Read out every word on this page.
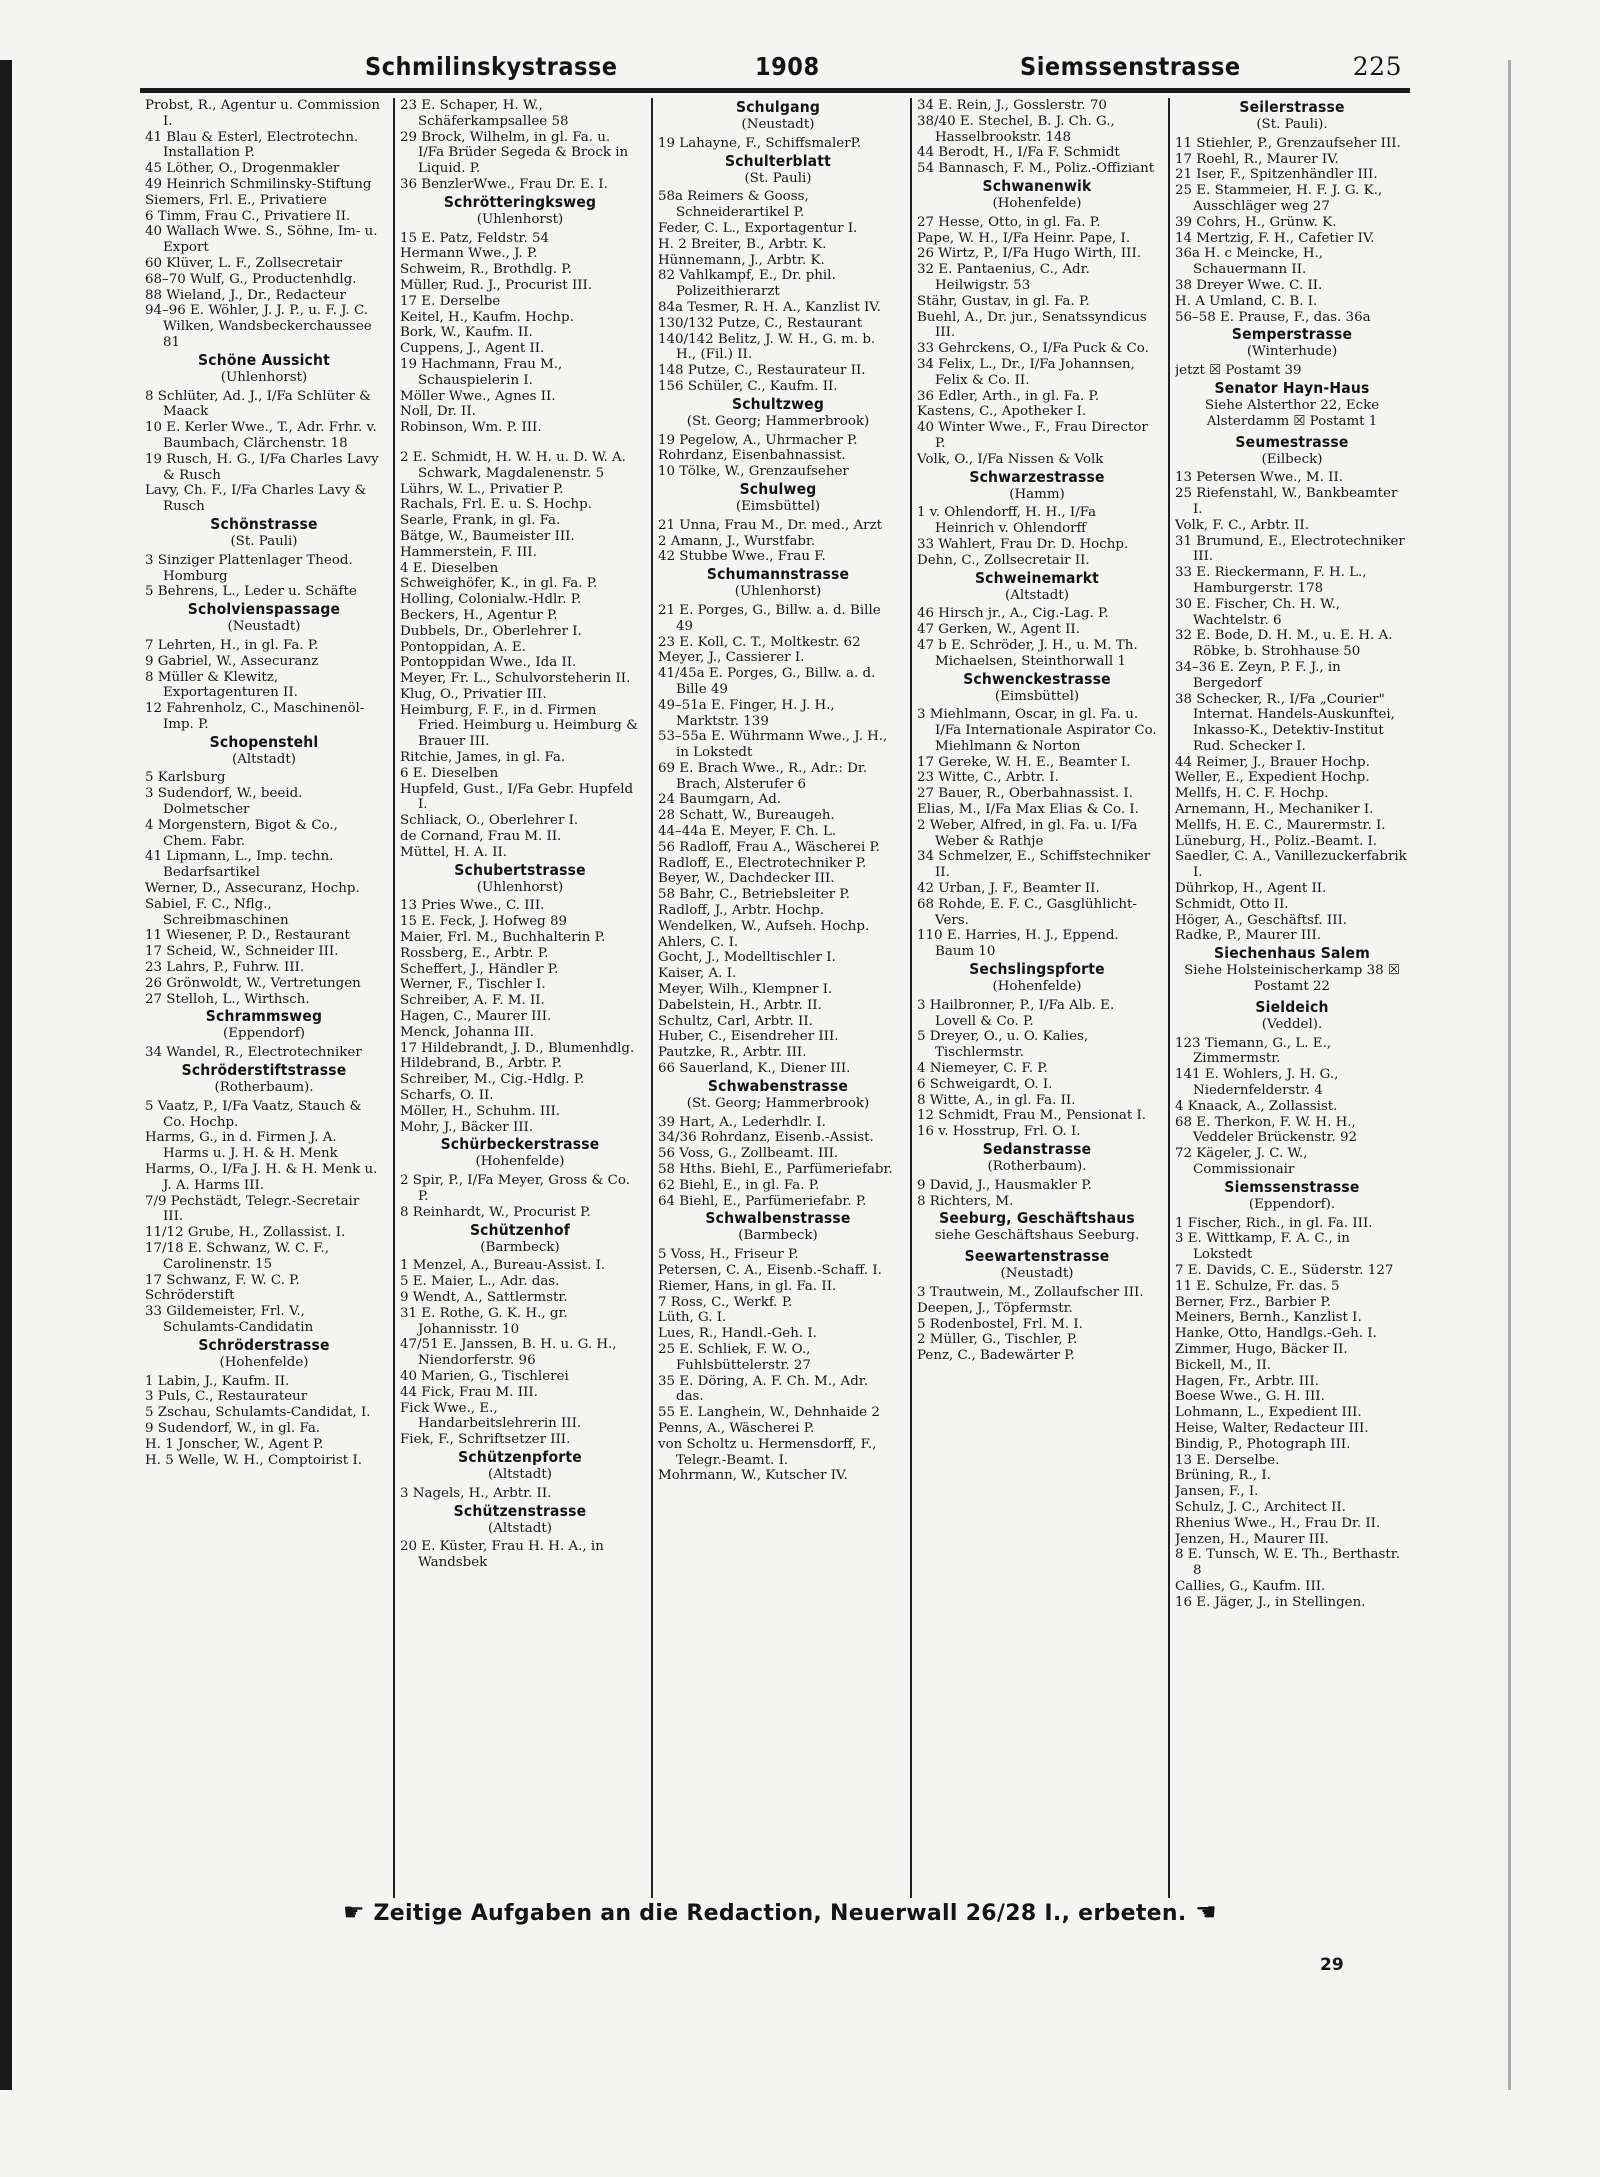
Schmilinskystrasse	1908	Siemssenstrasse	225
Probst, R., Agentur u. Commission I.
41 Blau & Esterl, Electrotechn. Installation P.
45 Löther, O., Drogenmakler
49 Heinrich Schmilinsky-Stiftung
Siemers, Frl. E., Privatiere
6 Timm, Frau C., Privatiere II.
40 Wallach Wwe. S., Söhne, Im- u. Export
60 Klüver, L. F., Zollsecretair
68–70 Wulf, G., Productenhdlg.
88 Wieland, J., Dr., Redacteur
94–96 E. Wöhler, J. J. P., u. F. J. C. Wilken, Wandsbeckerchaussee 81
Schöne Aussicht
(Uhlenhorst)
8 Schlüter, Ad. J., I/Fa Schlüter & Maack
10 E. Kerler Wwe., T., Adr. Frhr. v. Baumbach, Clärchenstr. 18
19 Rusch, H. G., I/Fa Charles Lavy & Rusch
Lavy, Ch. F., I/Fa Charles Lavy & Rusch
Schönstrasse
(St. Pauli)
3 Sinziger Plattenlager Theod. Homburg
5 Behrens, L., Leder u. Schäfte
Scholvienspassage
(Neustadt)
7 Lehrten, H., in gl. Fa. P.
9 Gabriel, W., Assecuranz
8 Müller & Klewitz, Exportagenturen II.
12 Fahrenholz, C., Maschinenöl-Imp. P.
Schopenstehl
(Altstadt)
5 Karlsburg
3 Sudendorf, W., beeid. Dolmetscher
4 Morgenstern, Bigot & Co., Chem. Fabr.
41 Lipmann, L., Imp. techn. Bedarfsartikel
Werner, D., Assecuranz, Hochp.
Sabiel, F. C., Nflg., Schreibmaschinen
11 Wiesener, P. D., Restaurant
17 Scheid, W., Schneider III.
23 Lahrs, P., Fuhrw. III.
26 Grönwoldt, W., Vertretungen
27 Stelloh, L., Wirthsch.
Schrammsweg
(Eppendorf)
34 Wandel, R., Electrotechniker
Schröderstiftstrasse
(Rotherbaum).
5 Vaatz, P., I/Fa Vaatz, Stauch & Co. Hochp.
Harms, G., in d. Firmen J. A. Harms u. J. H. & H. Menk
Harms, O., I/Fa J. H. & H. Menk u. J. A. Harms III.
7/9 Pechstädt, Telegr.-Secretair III.
11/12 Grube, H., Zollassist. I.
17/18 E. Schwanz, W. C. F., Carolinenstr. 15
17 Schwanz, F. W. C. P.
Schröderstift
33 Gildemeister, Frl. V., Schulamts-Candidatin
Schröderstrasse
(Hohenfelde)
1 Labin, J., Kaufm. II.
3 Puls, C., Restaurateur
5 Zschau, Schulamts-Candidat, I.
9 Sudendorf, W., in gl. Fa.
H. 1 Jonscher, W., Agent P.
H. 5 Welle, W. H., Comptoirist I.
23 E. Schaper, H. W., Schäferkampsallee 58
29 Brock, Wilhelm, in gl. Fa. u. I/Fa Brüder Segeda & Brock in Liquid. P.
36 BenzlerWwe., Frau Dr. E. I.
Schrötteringksweg
(Uhlenhorst)
15 E. Patz, Feldstr. 54
Hermann Wwe., J. P.
Schweim, R., Brothdlg. P.
Müller, Rud. J., Procurist III.
17 E. Derselbe
Keitel, H., Kaufm. Hochp.
Bork, W., Kaufm. II.
Cuppens, J., Agent II.
19 Hachmann, Frau M., Schauspielerin I.
Möller Wwe., Agnes II.
Noll, Dr. II.
Robinson, Wm. P. III.
2 E. Schmidt, H. W. H. u. D. W. A. Schwark, Magdalenenstr. 5
Lührs, W. L., Privatier P.
Rachals, Frl. E. u. S. Hochp.
Searle, Frank, in gl. Fa.
Bätge, W., Baumeister III.
Hammerstein, F. III.
4 E. Dieselben
Schweighöfer, K., in gl. Fa. P.
Holling, Colonialw.-Hdlr. P.
Beckers, H., Agentur P.
Dubbels, Dr., Oberlehrer I.
Pontoppidan, A. E.
Pontoppidan Wwe., Ida II.
Meyer, Fr. L., Schulvorsteherin II.
Klug, O., Privatier III.
Heimburg, F. F., in d. Firmen Fried. Heimburg u. Heimburg & Brauer III.
Ritchie, James, in gl. Fa.
6 E. Dieselben
Hupfeld, Gust., I/Fa Gebr. Hupfeld I.
Schliack, O., Oberlehrer I.
de Cornand, Frau M. II.
Müttel, H. A. II.
Schubertstrasse
(Uhlenhorst)
13 Pries Wwe., C. III.
15 E. Feck, J. Hofweg 89
Maier, Frl. M., Buchhalterin P.
Rossberg, E., Arbtr. P.
Scheffert, J., Händler P.
Werner, F., Tischler I.
Schreiber, A. F. M. II.
Hagen, C., Maurer III.
Menck, Johanna III.
17 Hildebrandt, J. D., Blumenhdlg.
Hildebrand, B., Arbtr. P.
Schreiber, M., Cig.-Hdlg. P.
Scharfs, O. II.
Möller, H., Schuhm. III.
Mohr, J., Bäcker III.
Schürbeckerstrasse
(Hohenfelde)
2 Spir, P., I/Fa Meyer, Gross & Co. P.
8 Reinhardt, W., Procurist P.
Schützenhof
(Barmbeck)
1 Menzel, A., Bureau-Assist. I.
5 E. Maier, L., Adr. das.
9 Wendt, A., Sattlermstr.
31 E. Rothe, G. K. H., gr. Johannisstr. 10
47/51 E. Janssen, B. H. u. G. H., Niendorferstr. 96
40 Marien, G., Tischlerei
44 Fick, Frau M. III.
Fick Wwe., E., Handarbeitslehrerin III.
Fiek, F., Schriftsetzer III.
Schützenpforte
(Altstadt)
3 Nagels, H., Arbtr. II.
Schützenstrasse
(Altstadt)
20 E. Küster, Frau H. H. A., in Wandsbek
Schulgang
(Neustadt)
19 Lahayne, F., SchiffsmalerP.
Schulterblatt
(St. Pauli)
58a Reimers & Gooss, Schneiderartikel P.
Feder, C. L., Exportagentur I.
H. 2 Breiter, B., Arbtr. K.
Hünnemann, J., Arbtr. K.
82 Vahlkampf, E., Dr. phil. Polizeithierarzt
84a Tesmer, R. H. A., Kanzlist IV.
130/132 Putze, C., Restaurant
140/142 Belitz, J. W. H., G. m. b. H., (Fil.) II.
148 Putze, C., Restaurateur II.
156 Schüler, C., Kaufm. II.
Schultzweg
(St. Georg; Hammerbrook)
19 Pegelow, A., Uhrmacher P.
Rohrdanz, Eisenbahnassist.
10 Tölke, W., Grenzaufseher
Schulweg
(Eimsbüttel)
21 Unna, Frau M., Dr. med., Arzt
2 Amann, J., Wurstfabr.
42 Stubbe Wwe., Frau F.
Schumannstrasse
(Uhlenhorst)
21 E. Porges, G., Billw. a. d. Bille 49
23 E. Koll, C. T., Moltkestr. 62
Meyer, J., Cassierer I.
41/45a E. Porges, G., Billw. a. d. Bille 49
49–51a E. Finger, H. J. H., Marktstr. 139
53–55a E. Wührmann Wwe., J. H., in Lokstedt
69 E. Brach Wwe., R., Adr.: Dr. Brach, Alsterufer 6
24 Baumgarn, Ad.
28 Schatt, W., Bureaugeh.
44–44a E. Meyer, F. Ch. L.
56 Radloff, Frau A., Wäscherei P.
Radloff, E., Electrotechniker P.
Beyer, W., Dachdecker III.
58 Bahr, C., Betriebsleiter P.
Radloff, J., Arbtr. Hochp.
Wendelken, W., Aufseh. Hochp.
Ahlers, C. I.
Gocht, J., Modelltischler I.
Kaiser, A. I.
Meyer, Wilh., Klempner I.
Dabelstein, H., Arbtr. II.
Schultz, Carl, Arbtr. II.
Huber, C., Eisendreher III.
Pautzke, R., Arbtr. III.
66 Sauerland, K., Diener III.
Schwabenstrasse
(St. Georg; Hammerbrook)
39 Hart, A., Lederhdlr. I.
34/36 Rohrdanz, Eisenb.-Assist.
56 Voss, G., Zollbeamt. III.
58 Hths. Biehl, E., Parfümeriefabr.
62 Biehl, E., in gl. Fa. P.
64 Biehl, E., Parfümeriefabr. P.
Schwalbenstrasse
(Barmbeck)
5 Voss, H., Friseur P.
Petersen, C. A., Eisenb.-Schaff. I.
Riemer, Hans, in gl. Fa. II.
7 Ross, C., Werkf. P.
Lüth, G. I.
Lues, R., Handl.-Geh. I.
25 E. Schliek, F. W. O., Fuhlsbüttelerstr. 27
35 E. Döring, A. F. Ch. M., Adr. das.
55 E. Langhein, W., Dehnhaide 2
Penns, A., Wäscherei P.
von Scholtz u. Hermensdorff, F., Telegr.-Beamt. I.
Mohrmann, W., Kutscher IV.
34 E. Rein, J., Gosslerstr. 70
38/40 E. Stechel, B. J. Ch. G., Hasselbrookstr. 148
44 Berodt, H., I/Fa F. Schmidt
54 Bannasch, F. M., Poliz.-Offiziant
Schwanenwik
(Hohenfelde)
27 Hesse, Otto, in gl. Fa. P.
Pape, W. H., I/Fa Heinr. Pape, I.
26 Wirtz, P., I/Fa Hugo Wirth, III.
32 E. Pantaenius, C., Adr. Heilwigstr. 53
Stähr, Gustav, in gl. Fa. P.
Buehl, A., Dr. jur., Senatssyndicus III.
33 Gehrckens, O., I/Fa Puck & Co.
34 Felix, L., Dr., I/Fa Johannsen, Felix & Co. II.
36 Edler, Arth., in gl. Fa. P.
Kastens, C., Apotheker I.
40 Winter Wwe., F., Frau Director P.
Volk, O., I/Fa Nissen & Volk
Schwarzestrasse
(Hamm)
1 v. Ohlendorff, H. H., I/Fa Heinrich v. Ohlendorff
33 Wahlert, Frau Dr. D. Hochp.
Dehn, C., Zollsecretair II.
Schweinemarkt
(Altstadt)
46 Hirsch jr., A., Cig.-Lag. P.
47 Gerken, W., Agent II.
47 b E. Schröder, J. H., u. M. Th. Michaelsen, Steinthorwall 1
Schwenckestrasse
(Eimsbüttel)
3 Miehlmann, Oscar, in gl. Fa. u. I/Fa Internationale Aspirator Co. Miehlmann & Norton
17 Gereke, W. H. E., Beamter I.
23 Witte, C., Arbtr. I.
27 Bauer, R., Oberbahnassist. I.
Elias, M., I/Fa Max Elias & Co. I.
2 Weber, Alfred, in gl. Fa. u. I/Fa Weber & Rathje
34 Schmelzer, E., Schiffstechniker II.
42 Urban, J. F., Beamter II.
68 Rohde, E. F. C., Gasglühlicht-Vers.
110 E. Harries, H. J., Eppend. Baum 10
Sechslingspforte
(Hohenfelde)
3 Hailbronner, P., I/Fa Alb. E. Lovell & Co. P.
5 Dreyer, O., u. O. Kalies, Tischlermstr.
4 Niemeyer, C. F. P.
6 Schweigardt, O. I.
8 Witte, A., in gl. Fa. II.
12 Schmidt, Frau M., Pensionat I.
16 v. Hosstrup, Frl. O. I.
Sedanstrasse
(Rotherbaum).
9 David, J., Hausmakler P.
8 Richters, M.
Seeburg, Geschäftshaus
siehe Geschäftshaus Seeburg.
Seewartenstrasse
(Neustadt)
3 Trautwein, M., Zollaufscher III.
Deepen, J., Töpfermstr.
5 Rodenbostel, Frl. M. I.
2 Müller, G., Tischler, P.
Penz, C., Badewärter P.
Seilerstrasse
(St. Pauli).
11 Stiehler, P., Grenzaufseher III.
17 Roehl, R., Maurer IV.
21 Iser, F., Spitzenhändler III.
25 E. Stammeier, H. F. J. G. K., Ausschläger weg 27
39 Cohrs, H., Grünw. K.
14 Mertzig, F. H., Cafetier IV.
36a H. c Meincke, H., Schauermann II.
38 Dreyer Wwe. C. II.
H. A Umland, C. B. I.
56–58 E. Prause, F., das. 36a
Semperstrasse
(Winterhude)
jetzt ☒ Postamt 39
Senator Hayn-Haus
Siehe Alsterthor 22, Ecke Alsterdamm ☒ Postamt 1
Seumestrasse
(Eilbeck)
13 Petersen Wwe., M. II.
25 Riefenstahl, W., Bankbeamter I.
Volk, F. C., Arbtr. II.
31 Brumund, E., Electrotechniker III.
33 E. Rieckermann, F. H. L., Hamburgerstr. 178
30 E. Fischer, Ch. H. W., Wachtelstr. 6
32 E. Bode, D. H. M., u. E. H. A. Röbke, b. Strohhause 50
34–36 E. Zeyn, P. F. J., in Bergedorf
38 Schecker, R., I/Fa „Courier" Internat. Handels-Auskunftei, Inkasso-K., Detektiv-Institut Rud. Schecker I.
44 Reimer, J., Brauer Hochp.
Weller, E., Expedient Hochp.
Mellfs, H. C. F. Hochp.
Arnemann, H., Mechaniker I.
Mellfs, H. E. C., Maurermstr. I.
Lüneburg, H., Poliz.-Beamt. I.
Saedler, C. A., Vanillezuckerfabrik I.
Dührkop, H., Agent II.
Schmidt, Otto II.
Höger, A., Geschäftsf. III.
Radke, P., Maurer III.
Siechenhaus Salem
Siehe Holsteinischerkamp 38 ☒ Postamt 22
Sieldeich
(Veddel).
123 Tiemann, G., L. E., Zimmermstr.
141 E. Wohlers, J. H. G., Niedernfelderstr. 4
4 Knaack, A., Zollassist.
68 E. Therkon, F. W. H. H., Veddeler Brückenstr. 92
72 Kägeler, J. C. W., Commissionair
Siemssenstrasse
(Eppendorf).
1 Fischer, Rich., in gl. Fa. III.
3 E. Wittkamp, F. A. C., in Lokstedt
7 E. Davids, C. E., Süderstr. 127
11 E. Schulze, Fr. das. 5
Berner, Frz., Barbier P.
Meiners, Bernh., Kanzlist I.
Hanke, Otto, Handlgs.-Geh. I.
Zimmer, Hugo, Bäcker II.
Bickell, M., II.
Hagen, Fr., Arbtr. III.
Boese Wwe., G. H. III.
Lohmann, L., Expedient III.
Heise, Walter, Redacteur III.
Bindig, P., Photograph III.
13 E. Derselbe.
Brüning, R., I.
Jansen, F., I.
Schulz, J. C., Architect II.
Rhenius Wwe., H., Frau Dr. II.
Jenzen, H., Maurer III.
8 E. Tunsch, W. E. Th., Berthastr. 8
Callies, G., Kaufm. III.
16 E. Jäger, J., in Stellingen.
☛ Zeitige Aufgaben an die Redaction, Neuerwall 26/28 I., erbeten. ☚
29
